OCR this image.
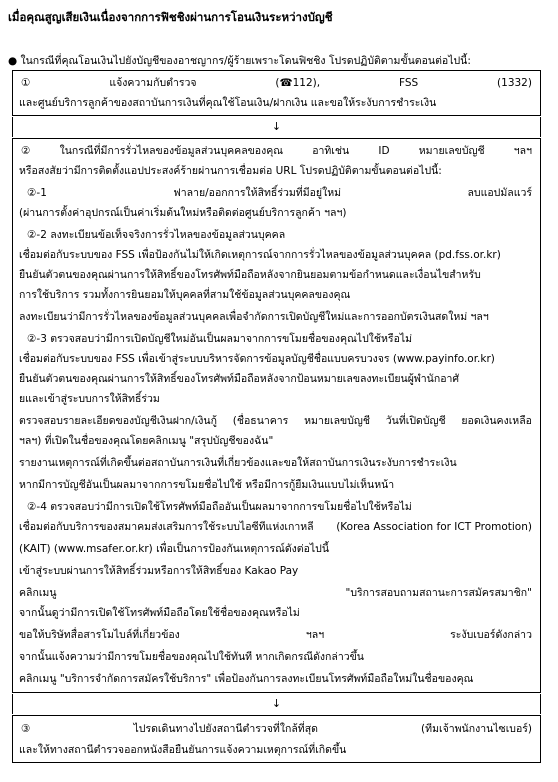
เมื่อคุณสูญเสียเงินเนื่องจากการฟิชชิงผ่านการโอนเงินระหว่างบัญชี
● ในกรณีที่คุณโอนเงินไปยังบัญชีของอาชญากร/ผู้ร้ายเพราะโดนฟิชชิง โปรดปฏิบัติตามขั้นตอนต่อไปนี้:
①	แจ้งความกับตำรวจ	(☎112),	FSS	(1332)
และศูนย์บริการลูกค้าของสถาบันการเงินที่คุณใช้โอนเงิน/ฝากเงิน และขอให้ระงับการชำระเงิน
↓
②	ในกรณีที่มีการรั่วไหลของข้อมูลส่วนบุคคลของคุณ	อาทิเช่น	ID	หมายเลขบัญชี	ฯลฯ
หรือสงสัยว่ามีการติดตั้งแอปประสงค์ร้ายผ่านการเชื่อมต่อ URL โปรดปฏิบัติตามขั้นตอนต่อไปนี้:
②-1	ฟาลาย/ออกการให้สิทธิ์ร่วมที่มีอยู่ใหม่	ลบแอปมัลแวร์
(ผ่านการตั้งค่าอุปกรณ์เป็นค่าเริ่มต้นใหม่หรือติดต่อศูนย์บริการลูกค้า ฯลฯ)
②-2 ลงทะเบียนข้อเท็จจริงการรั่วไหลของข้อมูลส่วนบุคคล
เชื่อมต่อกับระบบของ FSS เพื่อป้องกันไม่ให้เกิดเหตุการณ์จากการรั่วไหลของข้อมูลส่วนบุคคล (pd.fss.or.kr)
ยืนยันตัวตนของคุณผ่านการให้สิทธิ์ของโทรศัพท์มือถือหลังจากยินยอมตามข้อกำหนดและเงื่อนไขสำหรับ
การใช้บริการ รวมทั้งการยินยอมให้บุคคลที่สามใช้ข้อมูลส่วนบุคคลของคุณ
ลงทะเบียนว่ามีการรั่วไหลของข้อมูลส่วนบุคคลเพื่อจำกัดการเปิดบัญชีใหม่และการออกบัตรเงินสดใหม่ ฯลฯ
②-3 ตรวจสอบว่ามีการเปิดบัญชีใหม่อันเป็นผลมาจากการขโมยชื่อของคุณไปใช้หรือไม่
เชื่อมต่อกับระบบของ FSS เพื่อเข้าสู่ระบบบริหารจัดการข้อมูลบัญชีชื่อแบบครบวงจร (www.payinfo.or.kr)
ยืนยันตัวตนของคุณผ่านการให้สิทธิ์ของโทรศัพท์มือถือหลังจากป้อนหมายเลขลงทะเบียนผู้พำนักอาศั
ยและเข้าสู่ระบบการให้สิทธิ์ร่วม
ตรวจสอบรายละเอียดของบัญชีเงินฝาก/เงินกู้ (ชื่อธนาคาร หมายเลขบัญชี วันที่เปิดบัญชี ยอดเงินคงเหลือ
ฯลฯ) ที่เปิดในชื่อของคุณโดยคลิกเมนู "สรุปบัญชีของฉัน"
รายงานเหตุการณ์ที่เกิดขึ้นต่อสถาบันการเงินที่เกี่ยวข้องและขอให้สถาบันการเงินระงับการชำระเงิน
หากมีการบัญชีอันเป็นผลมาจากการขโมยชื่อไปใช้ หรือมีการกู้ยืมเงินแบบไม่เห็นหน้า
②-4 ตรวจสอบว่ามีการเปิดใช้โทรศัพท์มือถืออันเป็นผลมาจากการขโมยชื่อไปใช้หรือไม่
เชื่อมต่อกับบริการของสมาคมส่งเสริมการใช้ระบบไอซีทีแห่งเกาหลี (Korea Association for ICT Promotion)
(KAIT) (www.msafer.or.kr) เพื่อเป็นการป้องกันเหตุการณ์ดังต่อไปนี้
เข้าสู่ระบบผ่านการให้สิทธิ์ร่วมหรือการให้สิทธิ์ของ Kakao Pay
คลิกเมนู	"บริการสอบถามสถานะการสมัครสมาชิก"
จากนั้นดูว่ามีการเปิดใช้โทรศัพท์มือถือโดยใช้ชื่อของคุณหรือไม่
ขอให้บริษัทสื่อสารโมไบล์ที่เกี่ยวข้อง	ฯลฯ	ระงับเบอร์ดังกล่าว
จากนั้นแจ้งความว่ามีการขโมยชื่อของคุณไปใช้ทันที หากเกิดกรณีดังกล่าวขึ้น
คลิกเมนู "บริการจำกัดการสมัครใช้บริการ" เพื่อป้องกันการลงทะเบียนโทรศัพท์มือถือใหม่ในชื่อของคุณ
↓
③	ไปรดเดินทางไปยังสถานีตำรวจที่ใกล้ที่สุด	(ทีมเจ้าพนักงานไซเบอร์)
และให้ทางสถานีตำรวจออกหนังสือยืนยันการแจ้งความเหตุการณ์ที่เกิดขึ้น
